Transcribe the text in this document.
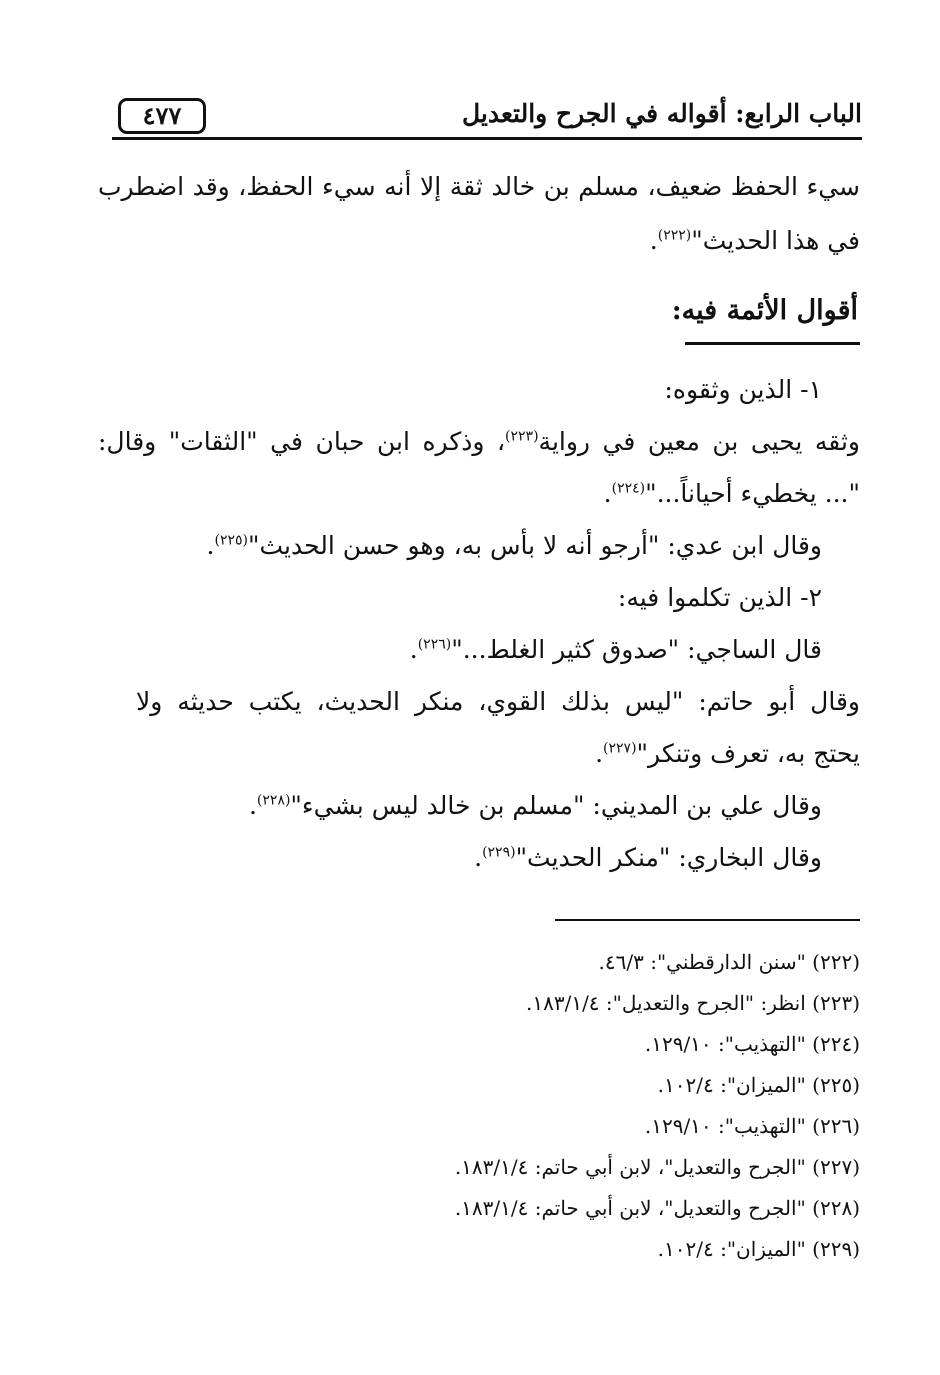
الباب الرابع: أقواله في الجرح والتعديل
٤٧٧
سيء الحفظ ضعيف، مسلم بن خالد ثقة إلا أنه سيء الحفظ، وقد اضطرب
في هذا الحديث"$^{(٢٢٢)}$.
أقوال الأئمة فيه:
١- الذين وثقوه:
وثقه يحيى بن معين في رواية$^{(٢٢٣)}$، وذكره ابن حبان في "الثقات" وقال:
"... يخطيء أحياناً..."$^{(٢٢٤)}$.
وقال ابن عدي: "أرجو أنه لا بأس به، وهو حسن الحديث"$^{(٢٢٥)}$.
٢- الذين تكلموا فيه:
قال الساجي: "صدوق كثير الغلط..."$^{(٢٢٦)}$.
وقال أبو حاتم: "ليس بذلك القوي، منكر الحديث، يكتب حديثه ولا
يحتج به، تعرف وتنكر"$^{(٢٢٧)}$.
وقال علي بن المديني: "مسلم بن خالد ليس بشيء"$^{(٢٢٨)}$.
وقال البخاري: "منكر الحديث"$^{(٢٢٩)}$.
(٢٢٢) "سنن الدارقطني": ٤٦/٣.
(٢٢٣) انظر: "الجرح والتعديل": ١٨٣/١/٤.
(٢٢٤) "التهذيب": ١٢٩/١٠.
(٢٢٥) "الميزان": ١٠٢/٤.
(٢٢٦) "التهذيب": ١٢٩/١٠.
(٢٢٧) "الجرح والتعديل"، لابن أبي حاتم: ١٨٣/١/٤.
(٢٢٨) "الجرح والتعديل"، لابن أبي حاتم: ١٨٣/١/٤.
(٢٢٩) "الميزان": ١٠٢/٤.
